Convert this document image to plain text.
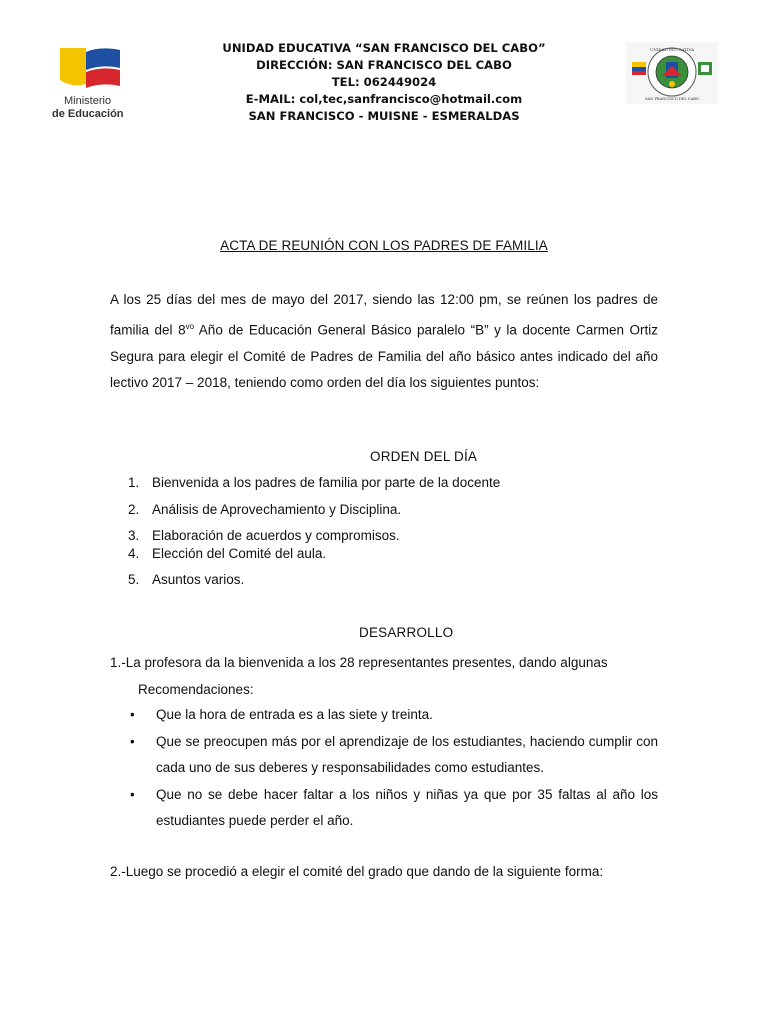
Ministerio
de Educación
UNIDAD EDUCATIVA “SAN FRANCISCO DEL CABO”
DIRECCIÓN: SAN FRANCISCO DEL CABO
TEL: 062449024
E-MAIL: col,tec,sanfrancisco@hotmail.com
SAN FRANCISCO - MUISNE - ESMERALDAS
UNIDAD EDUCATIVA
SAN FRANCISCO DEL CABO
ACTA DE REUNIÓN CON LOS PADRES DE FAMILIA
A los 25 días del mes de mayo del 2017, siendo las 12:00 pm, se reúnen los padres de familia del $8^{vo}$ Año de Educación General Básico paralelo “B” y la docente Carmen Ortiz Segura para elegir el Comité de Padres de Familia del año básico antes indicado del año lectivo 2017 – 2018, teniendo como orden del día los siguientes puntos:
ORDEN DEL DÍA
1. Bienvenida a los padres de familia por parte de la docente
2. Análisis de Aprovechamiento y Disciplina.
3. Elaboración de acuerdos y compromisos.
4. Elección del Comité del aula.
5. Asuntos varios.
DESARROLLO
1.-La profesora da la bienvenida a los 28 representantes presentes, dando algunas
Recomendaciones:
• Que la hora de entrada es a las siete y treinta.
• Que se preocupen más por el aprendizaje de los estudiantes, haciendo cumplir con cada uno de sus deberes y responsabilidades como estudiantes.
• Que no se debe hacer faltar a los niños y niñas ya que por 35 faltas al año los estudiantes puede perder el año.
2.-Luego se procedió a elegir el comité del grado que dando de la siguiente forma:
